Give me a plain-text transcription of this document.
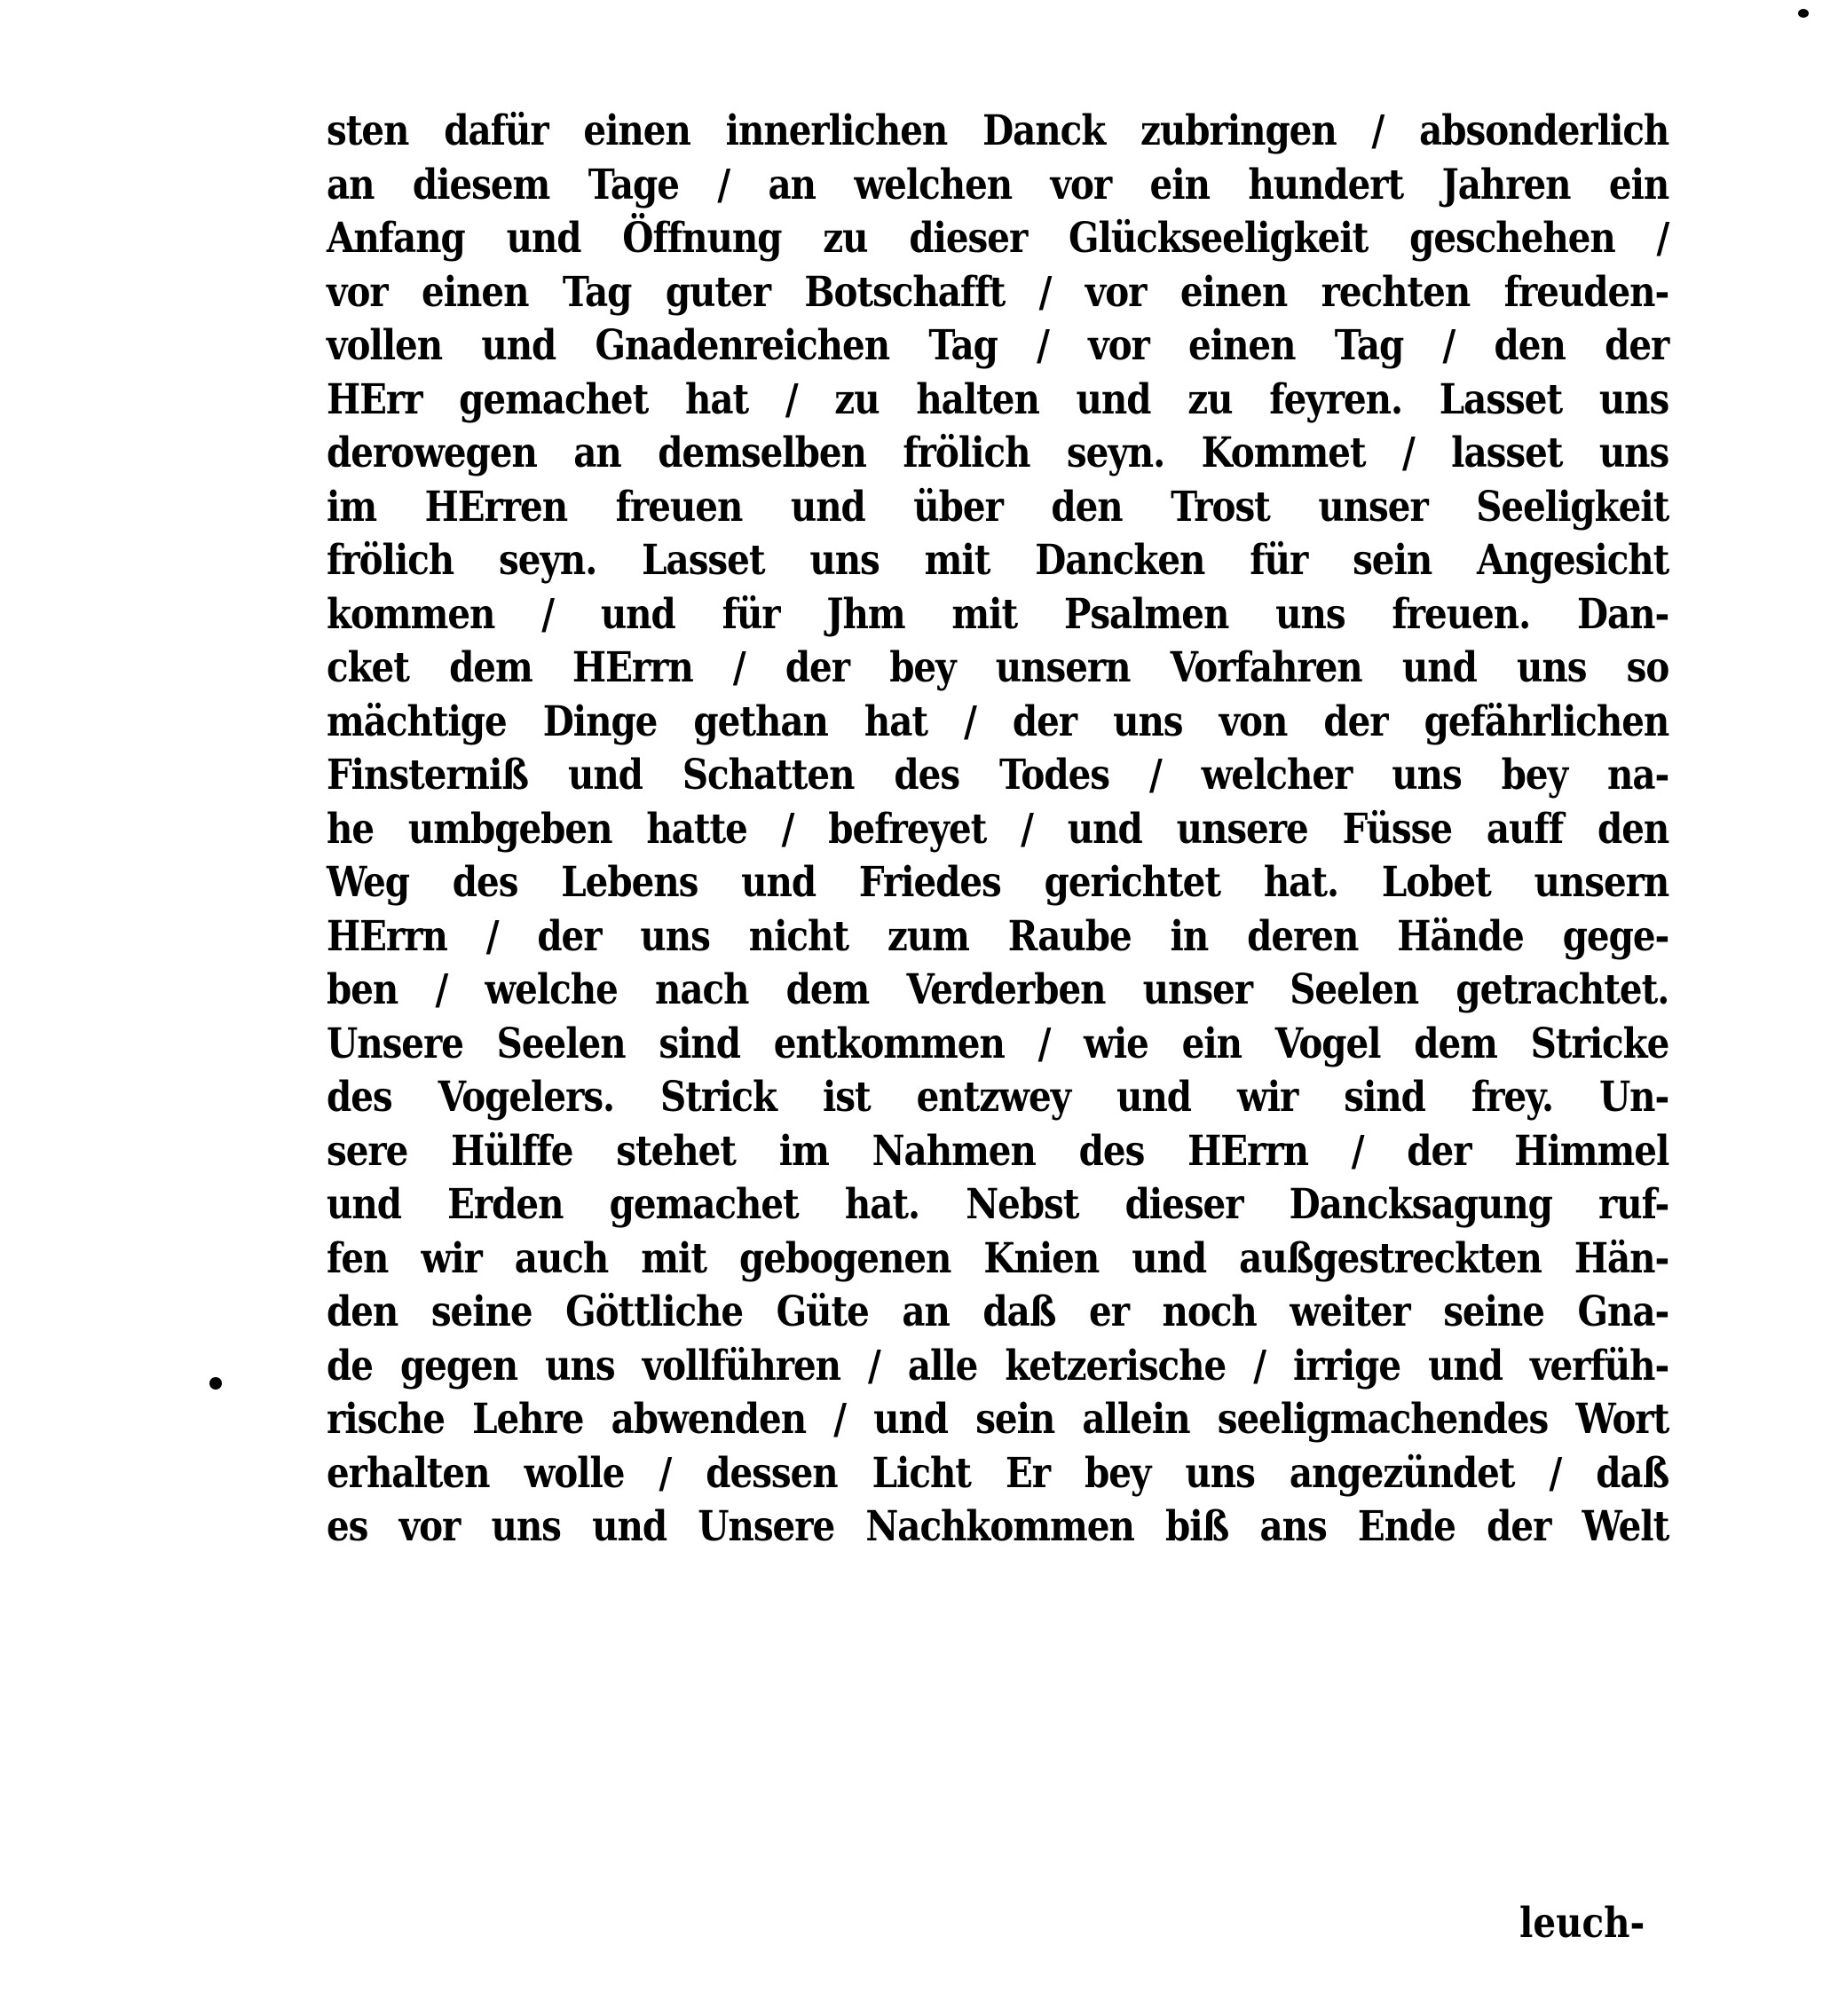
sten dafür einen innerlichen Danck zubringen / absonderlich
an diesem Tage / an welchen vor ein hundert Jahren ein
Anfang und Öffnung zu dieser Glückseeligkeit geschehen /
vor einen Tag guter Botschafft / vor einen rechten freuden-
vollen und Gnadenreichen Tag / vor einen Tag / den der
HErr gemachet hat / zu halten und zu feyren. Lasset uns
derowegen an demselben frölich seyn. Kommet / lasset uns
im HErren freuen und über den Trost unser Seeligkeit
frölich seyn. Lasset uns mit Dancken für sein Angesicht
kommen / und für Jhm mit Psalmen uns freuen. Dan-
cket dem HErrn / der bey unsern Vorfahren und uns so
mächtige Dinge gethan hat / der uns von der gefährlichen
Finsterniß und Schatten des Todes / welcher uns bey na-
he umbgeben hatte / befreyet / und unsere Füsse auff den
Weg des Lebens und Friedes gerichtet hat. Lobet unsern
HErrn / der uns nicht zum Raube in deren Hände gege-
ben / welche nach dem Verderben unser Seelen getrachtet.
Unsere Seelen sind entkommen / wie ein Vogel dem Stricke
des Vogelers. Strick ist entzwey und wir sind frey. Un-
sere Hülffe stehet im Nahmen des HErrn / der Himmel
und Erden gemachet hat. Nebst dieser Dancksagung ruf-
fen wir auch mit gebogenen Knien und außgestreckten Hän-
den seine Göttliche Güte an daß er noch weiter seine Gna-
de gegen uns vollführen / alle ketzerische / irrige und verfüh-
rische Lehre abwenden / und sein allein seeligmachendes Wort
erhalten wolle / dessen Licht Er bey uns angezündet / daß
es vor uns und Unsere Nachkommen biß ans Ende der Welt
leuch-
